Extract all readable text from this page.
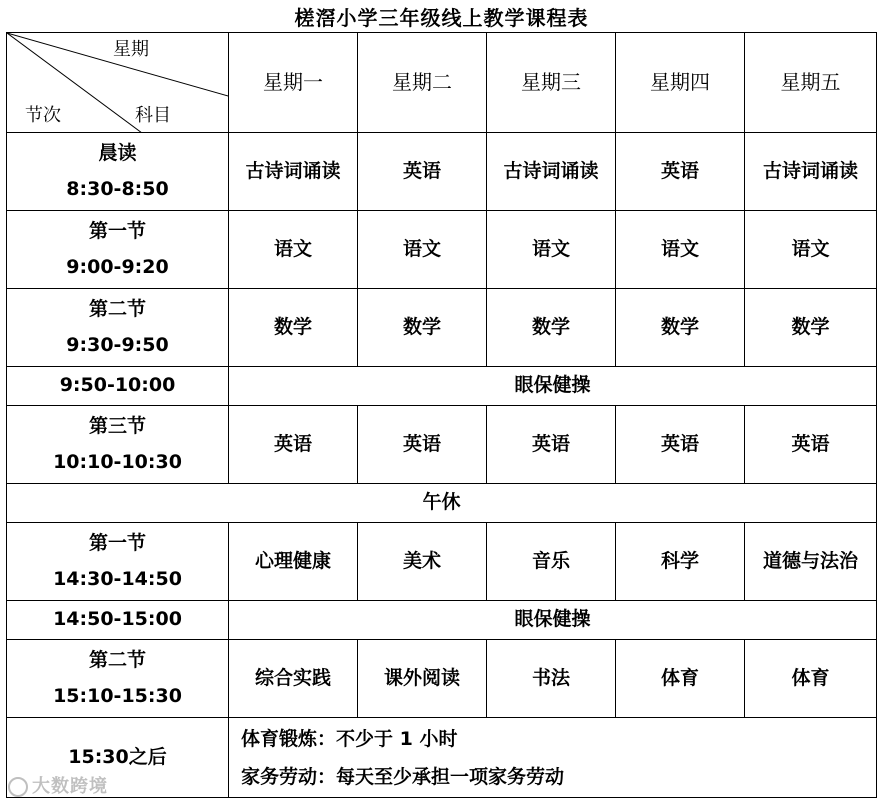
槎滘小学三年级线上教学课程表
星期
科目
节次	星期一	星期二	星期三	星期四	星期五
晨读
8:30-8:50	古诗词诵读	英语	古诗词诵读	英语	古诗词诵读
第一节
9:00-9:20	语文	语文	语文	语文	语文
第二节
9:30-9:50	数学	数学	数学	数学	数学
9:50-10:00	眼保健操				
第三节
10:10-10:30	英语	英语	英语	英语	英语
午休					
第一节
14:30-14:50	心理健康	美术	音乐	科学	道德与法治
14:50-15:00	眼保健操				
第二节
15:10-15:30	综合实践	课外阅读	书法	体育	体育
15:30之后	体育锻炼：不少于 1 小时
家务劳动：每天至少承担一项家务劳动				
大数跨境
